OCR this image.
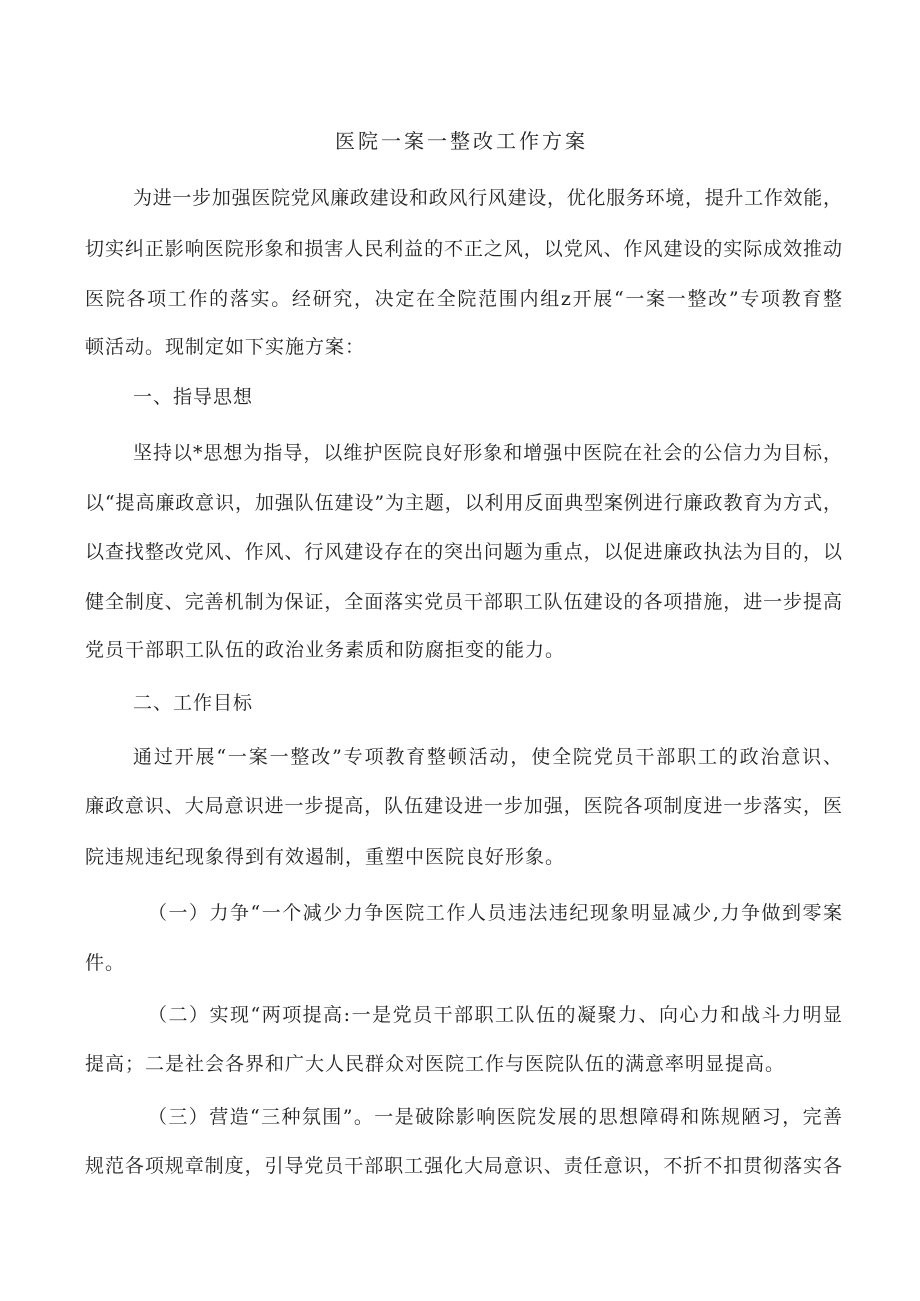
医院一案一整改工作方案
为进一步加强医院党风廉政建设和政风行风建设，优化服务环境，提升工作效能，
切实纠正影响医院形象和损害人民利益的不正之风，以党风、作风建设的实际成效推动
医院各项工作的落实。经研究，决定在全院范围内组z开展“一案一整改”专项教育整
顿活动。现制定如下实施方案：
一、指导思想
坚持以*思想为指导，以维护医院良好形象和增强中医院在社会的公信力为目标，
以“提高廉政意识，加强队伍建设”为主题，以利用反面典型案例进行廉政教育为方式，
以查找整改党风、作风、行风建设存在的突出问题为重点，以促进廉政执法为目的，以
健全制度、完善机制为保证，全面落实党员干部职工队伍建设的各项措施，进一步提高
党员干部职工队伍的政治业务素质和防腐拒变的能力。
二、工作目标
通过开展“一案一整改”专项教育整顿活动，使全院党员干部职工的政治意识、
廉政意识、大局意识进一步提高，队伍建设进一步加强，医院各项制度进一步落实，医
院违规违纪现象得到有效遏制，重塑中医院良好形象。
（一）力争“一个减少力争医院工作人员违法违纪现象明显减少,力争做到零案
件。
（二）实现“两项提高:一是党员干部职工队伍的凝聚力、向心力和战斗力明显
提高；二是社会各界和广大人民群众对医院工作与医院队伍的满意率明显提高。
（三）营造“三种氛围”。一是破除影响医院发展的思想障碍和陈规陋习，完善
规范各项规章制度，引导党员干部职工强化大局意识、责任意识，不折不扣贯彻落实各
